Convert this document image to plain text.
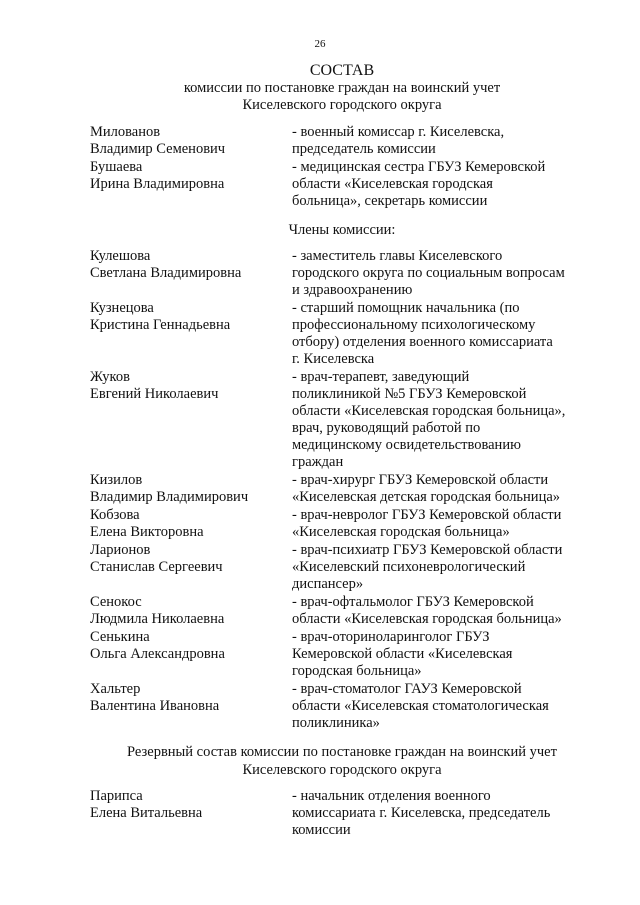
26
СОСТАВ
комиссии по постановке граждан на воинский учет
Киселевского городского округа
Милованов
Владимир Семенович
- военный комиссар г. Киселевска,
председатель комиссии
Бушаева
Ирина Владимировна
- медицинская сестра ГБУЗ Кемеровской
области «Киселевская городская
больница», секретарь комиссии
Члены комиссии:
Кулешова
Светлана Владимировна
- заместитель главы Киселевского
городского округа по социальным вопросам
и здравоохранению
Кузнецова
Кристина Геннадьевна
- старший помощник начальника (по
профессиональному психологическому
отбору) отделения военного комиссариата
г. Киселевска
Жуков
Евгений Николаевич
- врач-терапевт, заведующий
поликлиникой №5 ГБУЗ Кемеровской
области «Киселевская городская больница»,
врач, руководящий работой по
медицинскому освидетельствованию
граждан
Кизилов
Владимир Владимирович
- врач-хирург ГБУЗ Кемеровской области
«Киселевская детская городская больница»
Кобзова
Елена Викторовна
- врач-невролог ГБУЗ Кемеровской области
«Киселевская городская больница»
Ларионов
Станислав Сергеевич
- врач-психиатр ГБУЗ Кемеровской области
«Киселевский психоневрологический
диспансер»
Сенокос
Людмила Николаевна
- врач-офтальмолог ГБУЗ Кемеровской
области «Киселевская городская больница»
Сенькина
Ольга Александровна
- врач-оториноларинголог ГБУЗ
Кемеровской области «Киселевская
городская больница»
Хальтер
Валентина Ивановна
- врач-стоматолог ГАУЗ Кемеровской
области «Киселевская стоматологическая
поликлиника»
Резервный состав комиссии по постановке граждан на воинский учет
Киселевского городского округа
Парипса
Елена Витальевна
- начальник отделения военного
комиссариата г. Киселевска, председатель
комиссии
